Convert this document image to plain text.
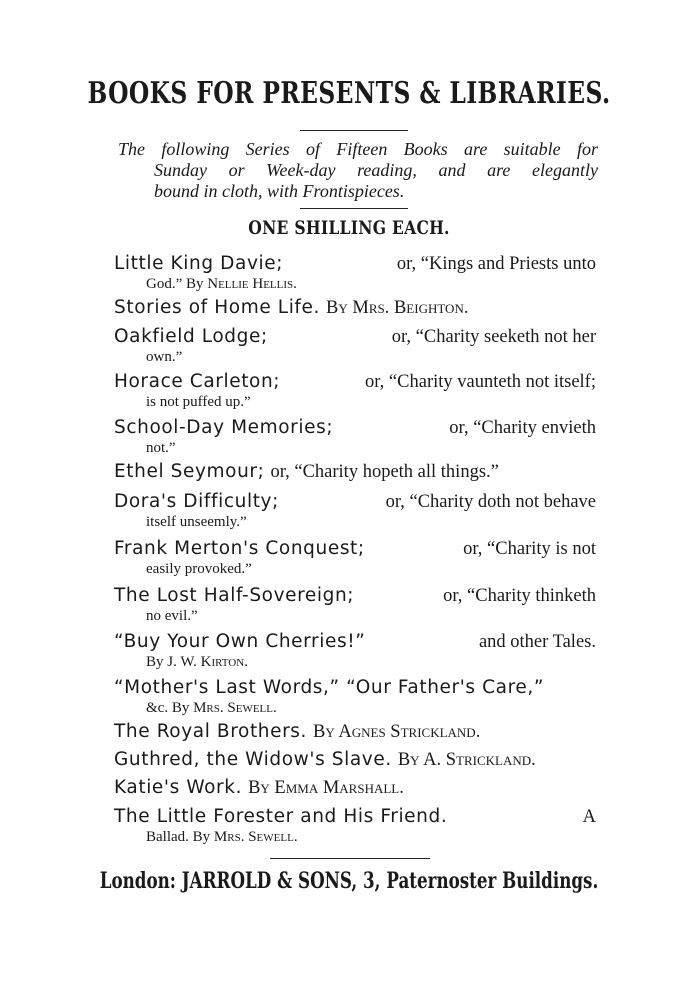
BOOKS FOR PRESENTS & LIBRARIES.
The following Series of Fifteen Books are suitable for
Sunday or Week-day reading, and are elegantly
bound in cloth, with Frontispieces.
ONE SHILLING EACH.
Little King Davie;	or, “Kings and Priests unto
God.” By Nellie Hellis.
Stories of Home Life. By Mrs. Beighton.
Oakfield Lodge;	or, “Charity seeketh not her
own.”
Horace Carleton;	or, “Charity vaunteth not itself;
is not puffed up.”
School-Day Memories;	or, “Charity envieth
not.”
Ethel Seymour; or, “Charity hopeth all things.”
Dora's Difficulty;	or, “Charity doth not behave
itself unseemly.”
Frank Merton's Conquest;	or, “Charity is not
easily provoked.”
The Lost Half-Sovereign;	or, “Charity thinketh
no evil.”
“Buy Your Own Cherries!”	and other Tales.
By J. W. Kirton.
“Mother's Last Words,” “Our Father's Care,”
&c. By Mrs. Sewell.
The Royal Brothers. By Agnes Strickland.
Guthred, the Widow's Slave. By A. Strickland.
Katie's Work. By Emma Marshall.
The Little Forester and His Friend.	A
Ballad. By Mrs. Sewell.
London: JARROLD & SONS, 3, Paternoster Buildings.
